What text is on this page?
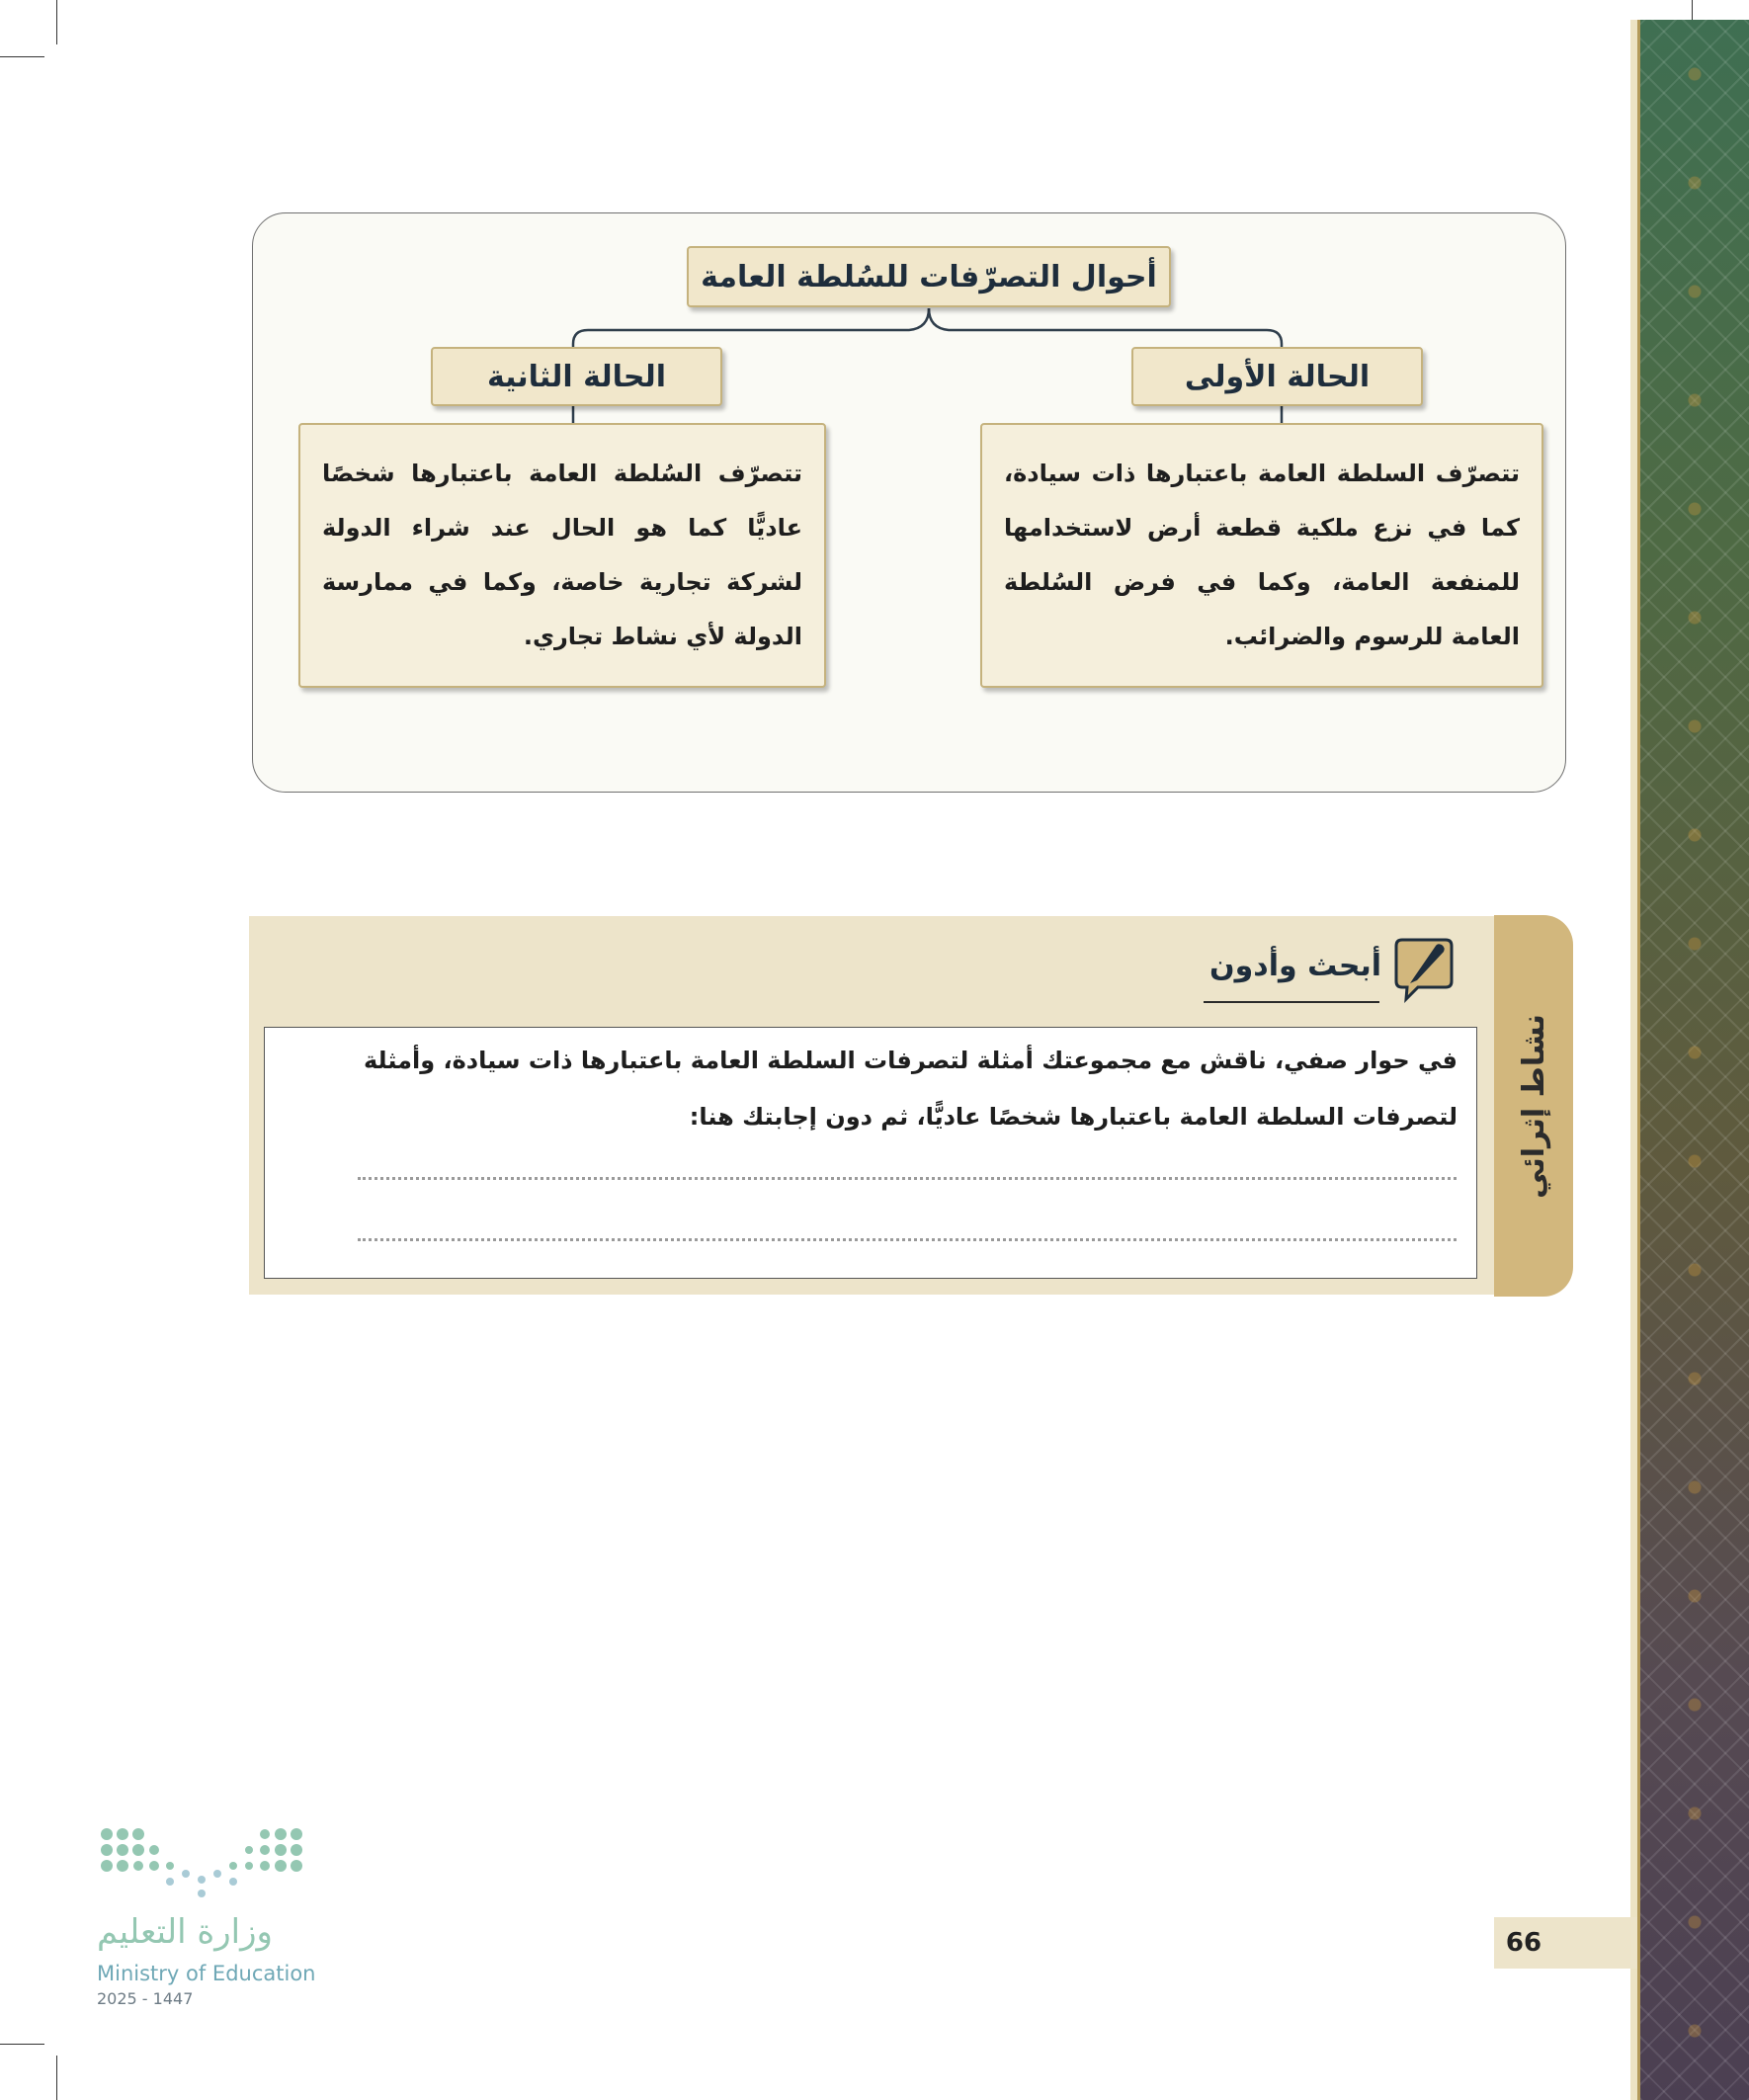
أحوال التصرّفات للسُلطة العامة
الحالة الأولى
الحالة الثانية
تتصرّف السلطة العامة باعتبارها ذات سيادة، كما في نزع ملكية قطعة أرض لاستخدامها للمنفعة العامة، وكما في فرض السُلطة العامة للرسوم والضرائب.
تتصرّف السُلطة العامة باعتبارها شخصًا عاديًّا كما هو الحال عند شراء الدولة لشركة تجارية خاصة، وكما في ممارسة الدولة لأي نشاط تجاري.
نشاط إثرائي
أبحث وأدون
في حوار صفي، ناقش مع مجموعتك أمثلة لتصرفات السلطة العامة باعتبارها ذات سيادة، وأمثلة لتصرفات السلطة العامة باعتبارها شخصًا عاديًّا، ثم دون إجابتك هنا:
وزارة التعليم
Ministry of Education
2025 - 1447
66
